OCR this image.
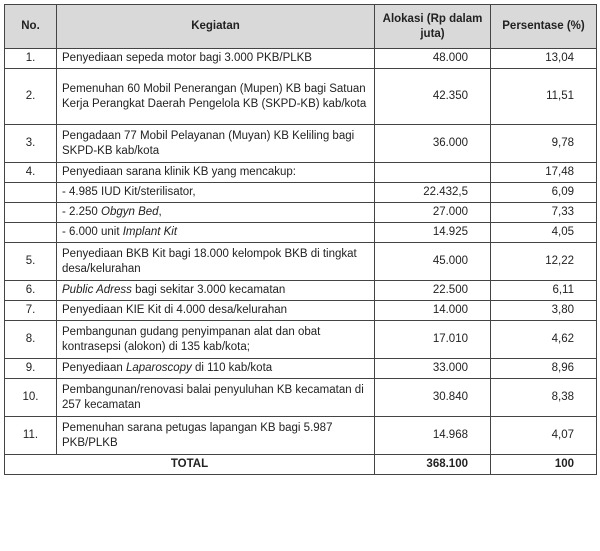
No.	Kegiatan	Alokasi (Rp dalam juta)	Persentase (%)
1.	Penyediaan sepeda motor bagi 3.000 PKB/PLKB	48.000	13,04
2.	Pemenuhan 60 Mobil Penerangan (Mupen) KB bagi Satuan Kerja Perangkat Daerah Pengelola KB (SKPD-KB) kab/kota	42.350	11,51
3.	Pengadaan 77 Mobil Pelayanan (Muyan) KB Keliling bagi SKPD-KB kab/kota	36.000	9,78
4.	Penyediaan sarana klinik KB yang mencakup:		17,48
	- 4.985 IUD Kit/sterilisator,	22.432,5	6,09
	- 2.250 Obgyn Bed,	27.000	7,33
	- 6.000 unit Implant Kit	14.925	4,05
5.	Penyediaan BKB Kit bagi 18.000 kelompok BKB di tingkat desa/kelurahan	45.000	12,22
6.	Public Adress bagi sekitar 3.000 kecamatan	22.500	6,11
7.	Penyediaan KIE Kit di 4.000 desa/kelurahan	14.000	3,80
8.	Pembangunan gudang penyimpanan alat dan obat kontrasepsi (alokon) di 135 kab/kota;	17.010	4,62
9.	Penyediaan Laparoscopy di 110 kab/kota	33.000	8,96
10.	Pembangunan/renovasi balai penyuluhan KB kecamatan di 257 kecamatan	30.840	8,38
11.	Pemenuhan sarana petugas lapangan KB bagi 5.987 PKB/PLKB	14.968	4,07
TOTAL		368.100	100
